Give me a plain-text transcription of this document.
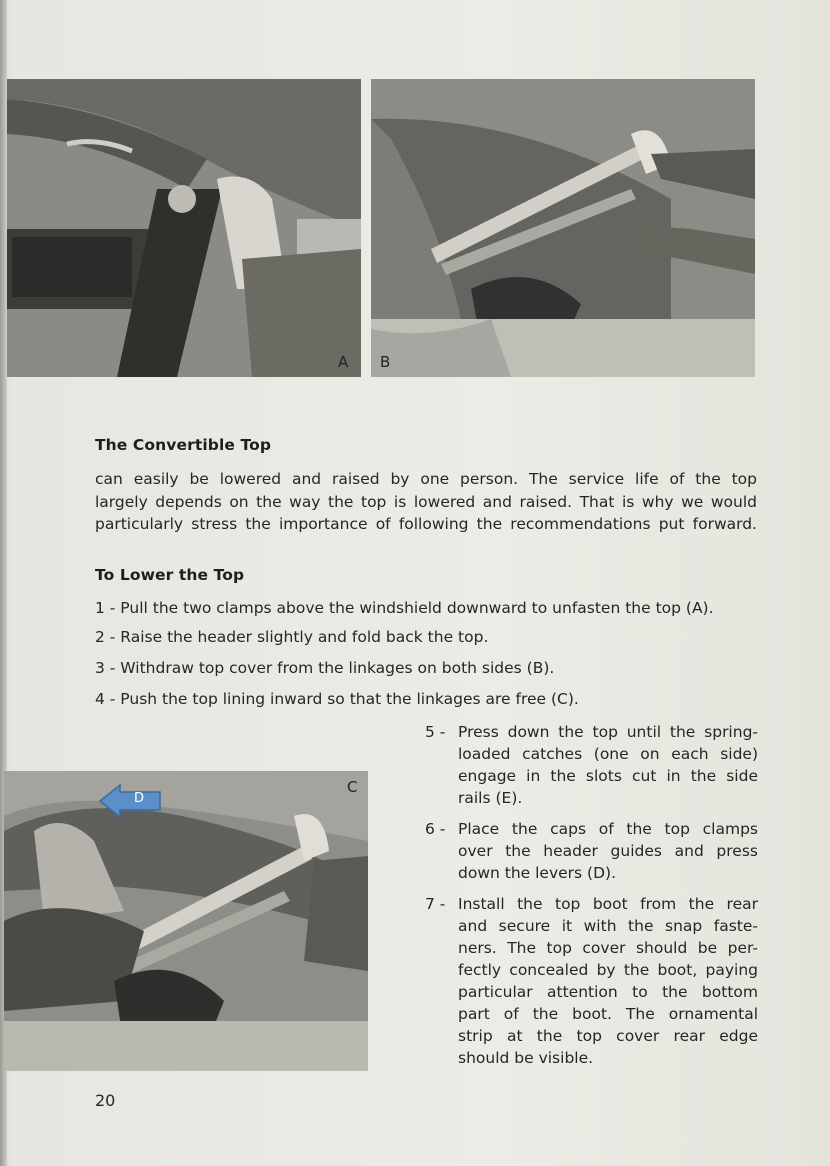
A B
The Convertible Top
can easily be lowered and raised by one person. The service life of the top
largely depends on the way the top is lowered and raised. That is why we would
particularly stress the importance of following the recommendations put forward.
To Lower the Top
1 - Pull the two clamps above the windshield downward to unfasten the top (A).
2 - Raise the header slightly and fold back the top.
3 - Withdraw top cover from the linkages on both sides (B).
4 - Push the top lining inward so that the linkages are free (C).
D
C
5 - Press down the top until the spring-
loaded catches (one on each side)
engage in the slots cut in the side
rails (E).
6 - Place the caps of the top clamps
over the header guides and press
down the levers (D).
7 - Install the top boot from the rear
and secure it with the snap faste-
ners. The top cover should be per-
fectly concealed by the boot, paying
particular attention to the bottom
part of the boot. The ornamental
strip at the top cover rear edge
should be visible.
20
